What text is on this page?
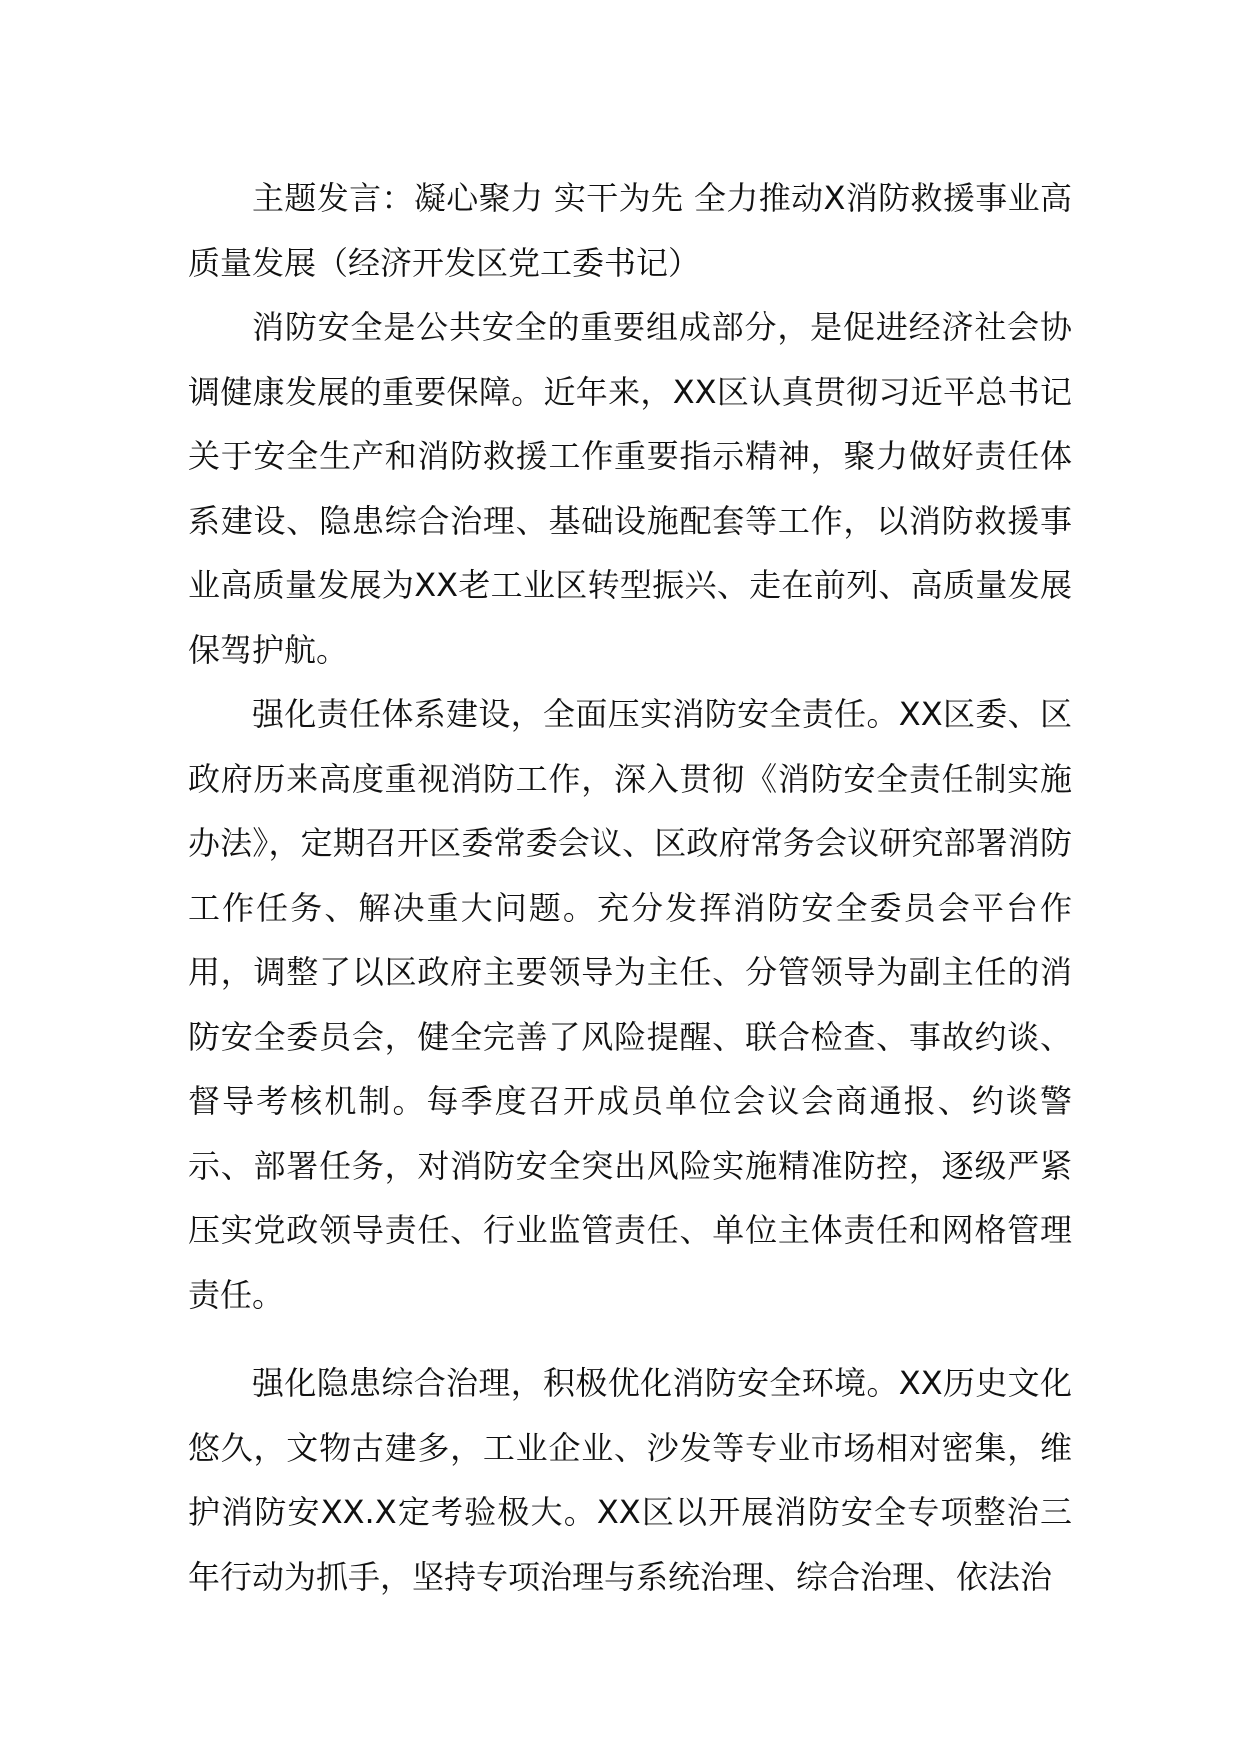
主题发言：凝心聚力 实干为先 全力推动X消防救援事业高质量发展（经济开发区党工委书记）

消防安全是公共安全的重要组成部分，是促进经济社会协调健康发展的重要保障。近年来，XX区认真贯彻习近平总书记关于安全生产和消防救援工作重要指示精神，聚力做好责任体系建设、隐患综合治理、基础设施配套等工作，以消防救援事业高质量发展为XX老工业区转型振兴、走在前列、高质量发展保驾护航。

强化责任体系建设，全面压实消防安全责任。XX区委、区政府历来高度重视消防工作，深入贯彻《消防安全责任制实施办法》，定期召开区委常委会议、区政府常务会议研究部署消防工作任务、解决重大问题。充分发挥消防安全委员会平台作用，调整了以区政府主要领导为主任、分管领导为副主任的消防安全委员会，健全完善了风险提醒、联合检查、事故约谈、督导考核机制。每季度召开成员单位会议会商通报、约谈警示、部署任务，对消防安全突出风险实施精准防控，逐级严紧压实党政领导责任、行业监管责任、单位主体责任和网格管理责任。

强化隐患综合治理，积极优化消防安全环境。XX历史文化悠久，文物古建多，工业企业、沙发等专业市场相对密集，维护消防安XX.X定考验极大。XX区以开展消防安全专项整治三年行动为抓手，坚持专项治理与系统治理、综合治理、依法治
